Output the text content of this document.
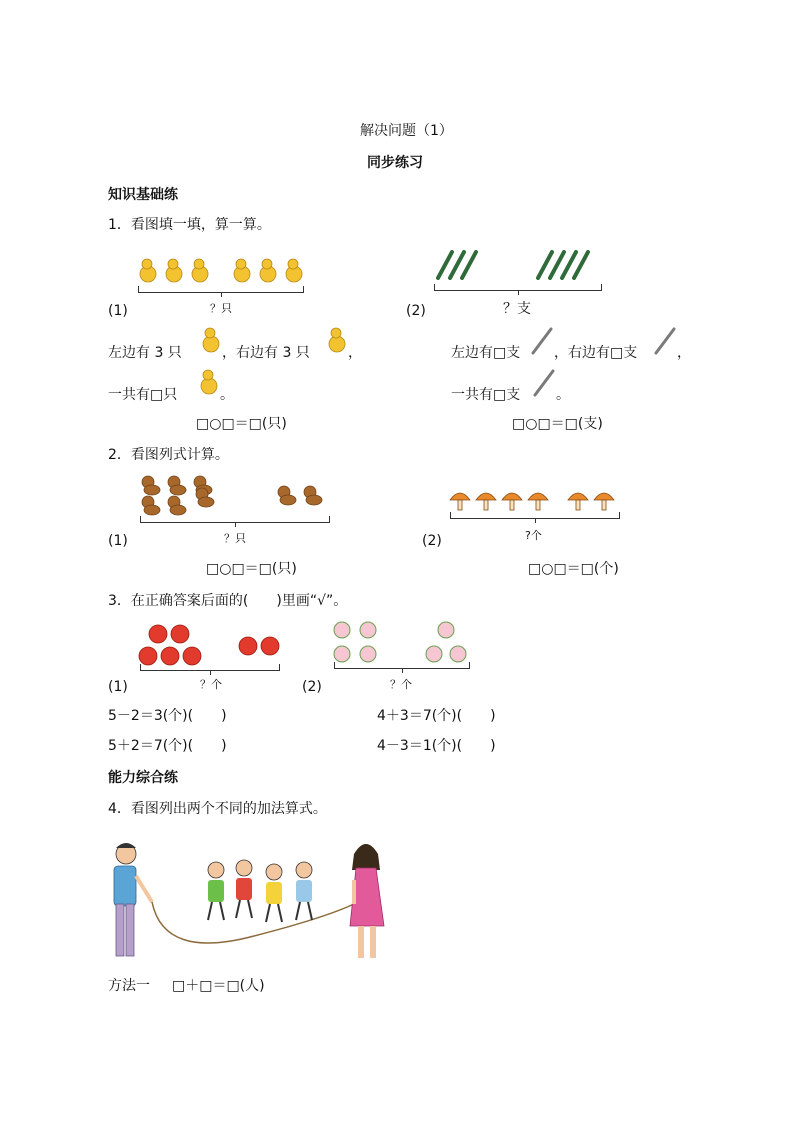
解决问题（1）
同步练习
知识基础练
1．看图填一填，算一算。
？只
(1)	？支
(2)
左边有 3 只	，右边有 3 只	，	左边有□支 ，右边有□支	，
一共有□只	。	一共有□支	。
□○□＝□(只)	□○□＝□(支)
2．看图列式计算。
？只
(1)	?个
(2)
□○□＝□(只)	□○□＝□(个)
3．在正确答案后面的(　　)里画“√”。
？个
(1)	？个
(2)
5－2＝3(个)(　　)
5＋2＝7(个)(　　)
4＋3＝7(个)(　　)
4－3＝1(个)(　　)
能力综合练
4．看图列出两个不同的加法算式。
方法一 □＋□＝□(人)
